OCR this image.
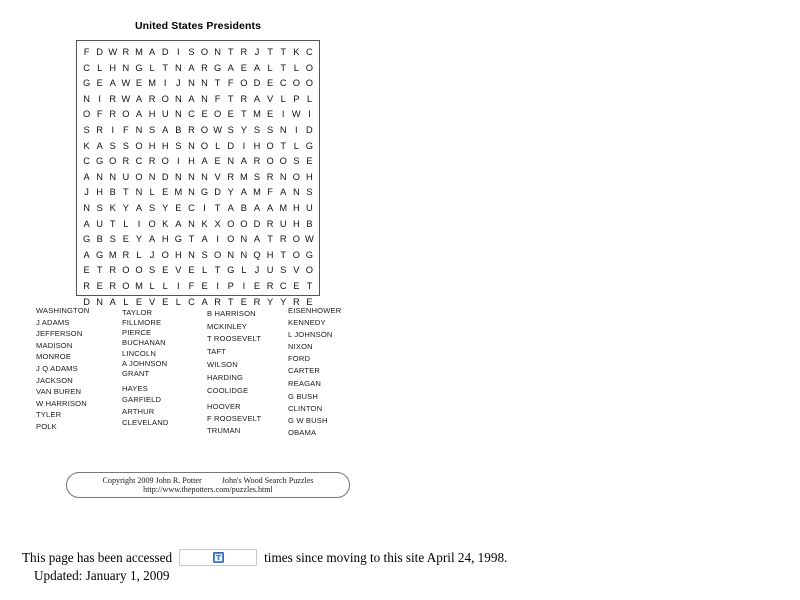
United States Presidents
F D W R M A D I S O N T R J T T K C
C L H N G L T N A R G A E A L T L O
G E A W E M I	J N N T F O D E C O O
N I R W A R O N A N F T R A V L P L
O F R O A H U N C E O E T M E I W I
S R I F N S A B R O W S Y S S N I D
K A S S O H H S N O L D I H O T L G
C G O R C R O I H A E N A R O O S E
A N N U O N D N N N V R M S R N O H
J H B T N L E M N G D Y A M F A N S
N S K Y A S Y E C I T A B A A M H U
A U T L I O K A N K X O O D R U H B
G B S E Y A H G T A I O N A T R O W
A G M R L J O H N S O N N Q H T O G
E T R O O S E V E L T G L J U S V O
R E R O M L L I F E I P I E R C E T
D N A L E V E L C A R T E R Y Y R E
WASHINGTON
J ADAMS
JEFFERSON
MADISON
MONROE
J Q ADAMS
JACKSON
VAN BUREN
W HARRISON
TYLER
POLK
TAYLOR
FILLMORE
PIERCE
BUCHANAN
LINCOLN
A JOHNSON
GRANT
HAYES
GARFIELD
ARTHUR
CLEVELAND
B HARRISON
MCKINLEY
T ROOSEVELT
TAFT
WILSON
HARDING
COOLIDGE
HOOVER
F ROOSEVELT
TRUMAN
EISENHOWER
KENNEDY
L JOHNSON
NIXON
FORD
CARTER
REAGAN
G BUSH
CLINTON
G W BUSH
OBAMA
Copyright 2009 John R. Potter John's Wood Search Puzzles
http://www.thepotters.com/puzzles.html
This page has been accessed	times since moving to this site April 24, 1998.
Updated: January 1, 2009
